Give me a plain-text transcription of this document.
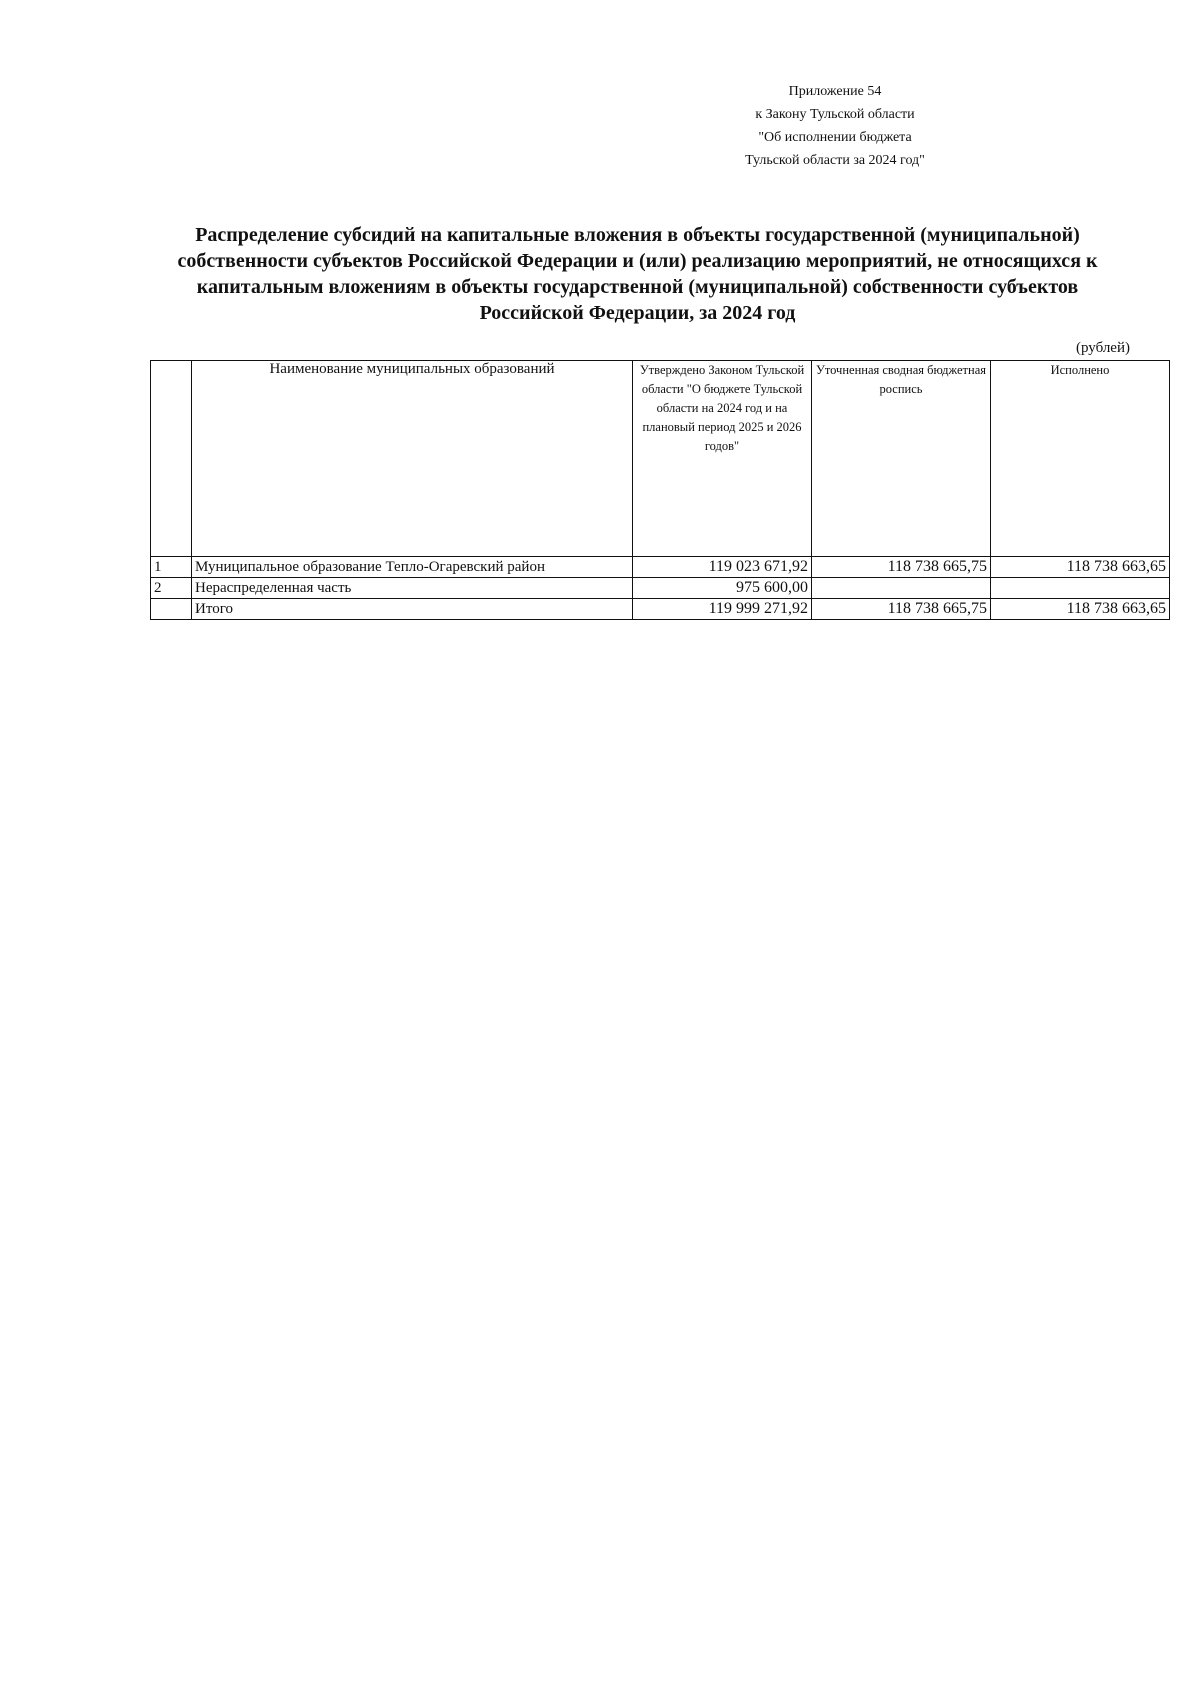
Приложение 54
к Закону Тульской области
"Об исполнении бюджета
Тульской области за 2024 год"
Распределение субсидий на капитальные вложения в объекты государственной (муниципальной) собственности субъектов Российской Федерации и (или) реализацию мероприятий, не относящихся к капитальным вложениям в объекты государственной (муниципальной) собственности субъектов Российской Федерации, за 2024 год
(рублей)
	Наименование муниципальных образований	Утверждено Законом Тульской области "О бюджете Тульской области на 2024 год и на плановый период 2025 и 2026 годов"	Уточненная сводная бюджетная роспись	Исполнено
1	Муниципальное образование Тепло-Огаревский район	119 023 671,92	118 738 665,75	118 738 663,65
2	Нераспределенная часть	975 600,00		
	Итого	119 999 271,92	118 738 665,75	118 738 663,65
